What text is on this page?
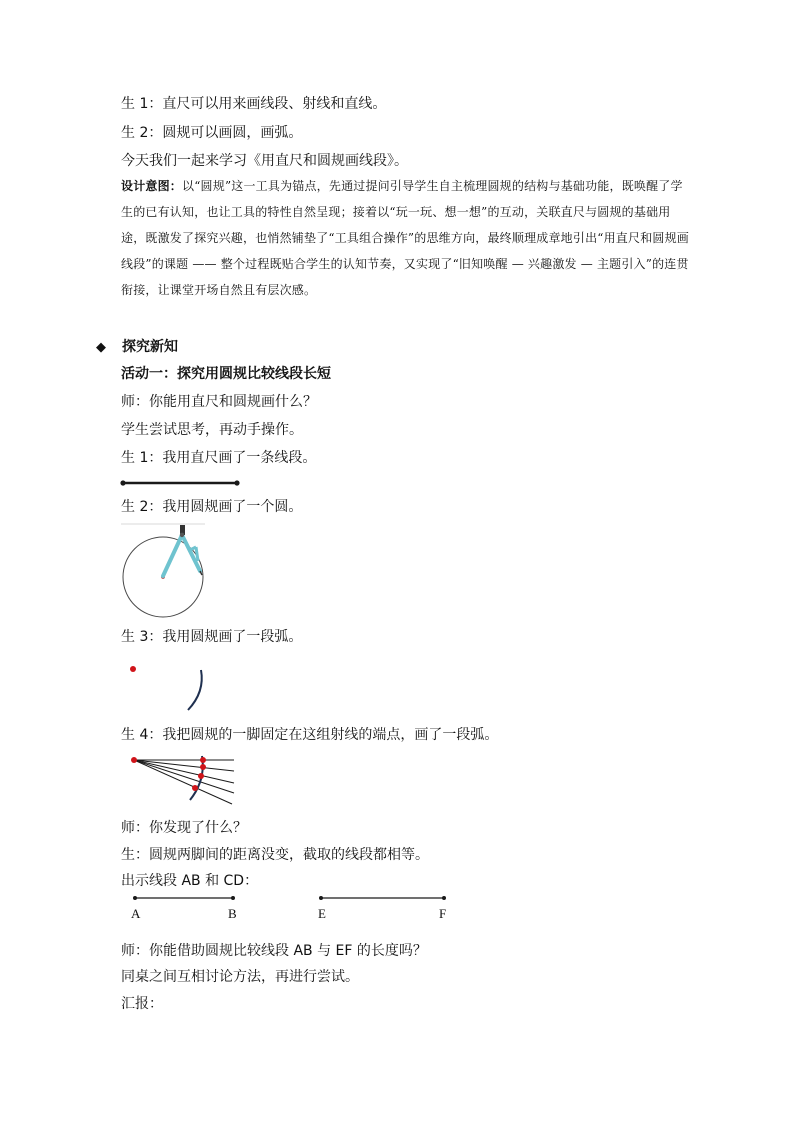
生 1：直尺可以用来画线段、射线和直线。
生 2：圆规可以画圆，画弧。
今天我们一起来学习《用直尺和圆规画线段》。
设计意图：以“圆规”这一工具为锚点，先通过提问引导学生自主梳理圆规的结构与基础功能，既唤醒了学生的已有认知，也让工具的特性自然呈现；接着以“玩一玩、想一想”的互动，关联直尺与圆规的基础用途，既激发了探究兴趣，也悄然铺垫了“工具组合操作”的思维方向，最终顺理成章地引出“用直尺和圆规画线段”的课题 —— 整个过程既贴合学生的认知节奏，又实现了“旧知唤醒 — 兴趣激发 — 主题引入”的连贯衔接，让课堂开场自然且有层次感。
◆ 探究新知
活动一：探究用圆规比较线段长短
师：你能用直尺和圆规画什么？
学生尝试思考，再动手操作。
生 1：我用直尺画了一条线段。
生 2：我用圆规画了一个圆。
生 3：我用圆规画了一段弧。
生 4：我把圆规的一脚固定在这组射线的端点，画了一段弧。
师：你发现了什么？
生：圆规两脚间的距离没变，截取的线段都相等。
出示线段 AB 和 CD：
A	B	E	F
师：你能借助圆规比较线段 AB 与 EF 的长度吗？
同桌之间互相讨论方法，再进行尝试。
汇报：
